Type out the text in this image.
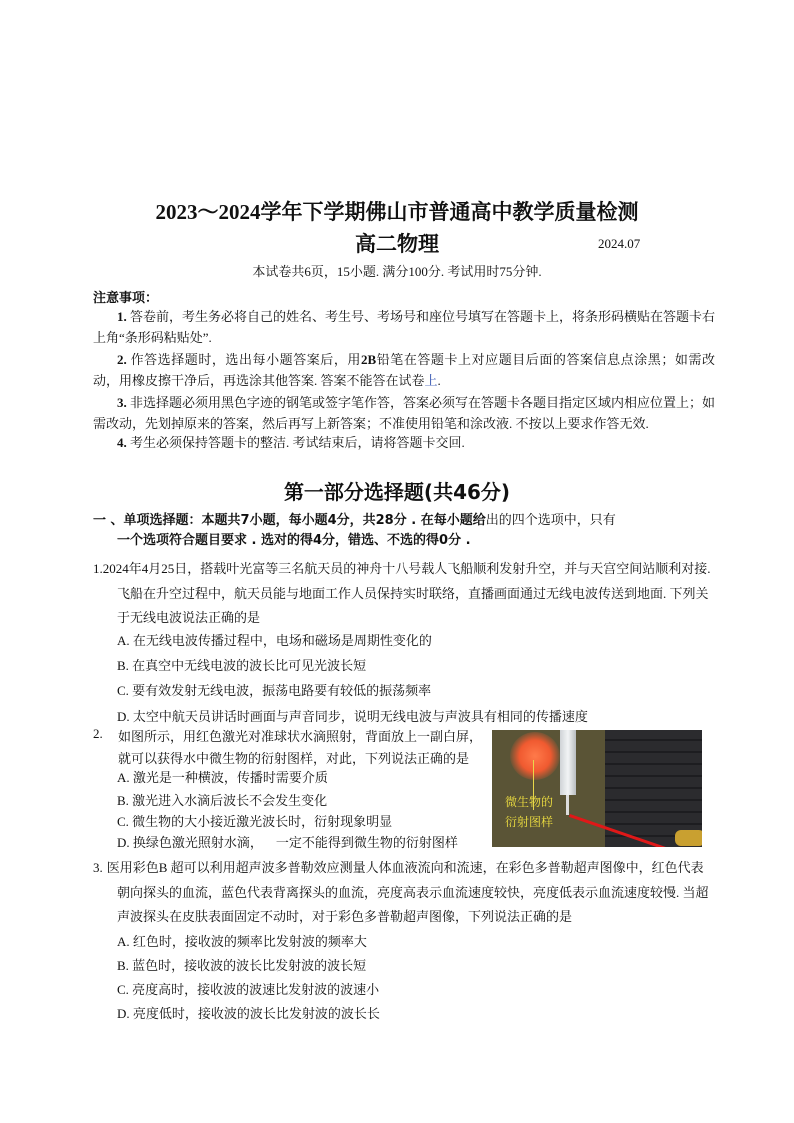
2023～2024学年下学期佛山市普通高中教学质量检测
高二物理	2024.07
本试卷共6页，15小题. 满分100分. 考试用时75分钟.
注意事项：
1. 答卷前，考生务必将自己的姓名、考生号、考场号和座位号填写在答题卡上，将条形码横贴在答题卡右上角“条形码粘贴处”.
2. 作答选择题时，选出每小题答案后，用2B铅笔在答题卡上对应题目后面的答案信息点涂黑；如需改动，用橡皮擦干净后，再选涂其他答案. 答案不能答在试卷上.
3. 非选择题必须用黑色字迹的钢笔或签字笔作答，答案必须写在答题卡各题目指定区域内相应位置上；如需改动，先划掉原来的答案，然后再写上新答案；不准使用铅笔和涂改液. 不按以上要求作答无效.
4. 考生必须保持答题卡的整洁. 考试结束后，请将答题卡交回.
第一部分选择题(共46分)
一 、单项选择题：本题共7小题，每小题4分，共28分 . 在每小题给出的四个选项中，只有
一个选项符合题目要求 . 选对的得4分，错选、不选的得0分 .
1.2024年4月25日，搭载叶光富等三名航天员的神舟十八号载人飞船顺利发射升空，并与天宫空间站顺利对接. 飞船在升空过程中，航天员能与地面工作人员保持实时联络，直播画面通过无线电波传送到地面. 下列关于无线电波说法正确的是
A. 在无线电波传播过程中，电场和磁场是周期性变化的
B. 在真空中无线电波的波长比可见光波长短
C. 要有效发射无线电波，振荡电路要有较低的振荡频率
D. 太空中航天员讲话时画面与声音同步，说明无线电波与声波具有相同的传播速度
2. 如图所示，用红色激光对准球状水滴照射，背面放上一副白屏，
就可以获得水中微生物的衍射图样，对此，下列说法正确的是
A. 激光是一种横波，传播时需要介质
B. 激光进入水滴后波长不会发生变化
C. 微生物的大小接近激光波长时，衍射现象明显
D. 换绿色激光照射水滴，    一定不能得到微生物的衍射图样
微生物的
衍射图样
3. 医用彩色B 超可以利用超声波多普勒效应测量人体血液流向和流速，在彩色多普勒超声图像中，红色代表朝向探头的血流，蓝色代表背离探头的血流，亮度高表示血流速度较快，亮度低表示血流速度较慢. 当超声波探头在皮肤表面固定不动时，对于彩色多普勒超声图像，下列说法正确的是
A. 红色时，接收波的频率比发射波的频率大
B. 蓝色时，接收波的波长比发射波的波长短
C. 亮度高时，接收波的波速比发射波的波速小
D. 亮度低时，接收波的波长比发射波的波长长
